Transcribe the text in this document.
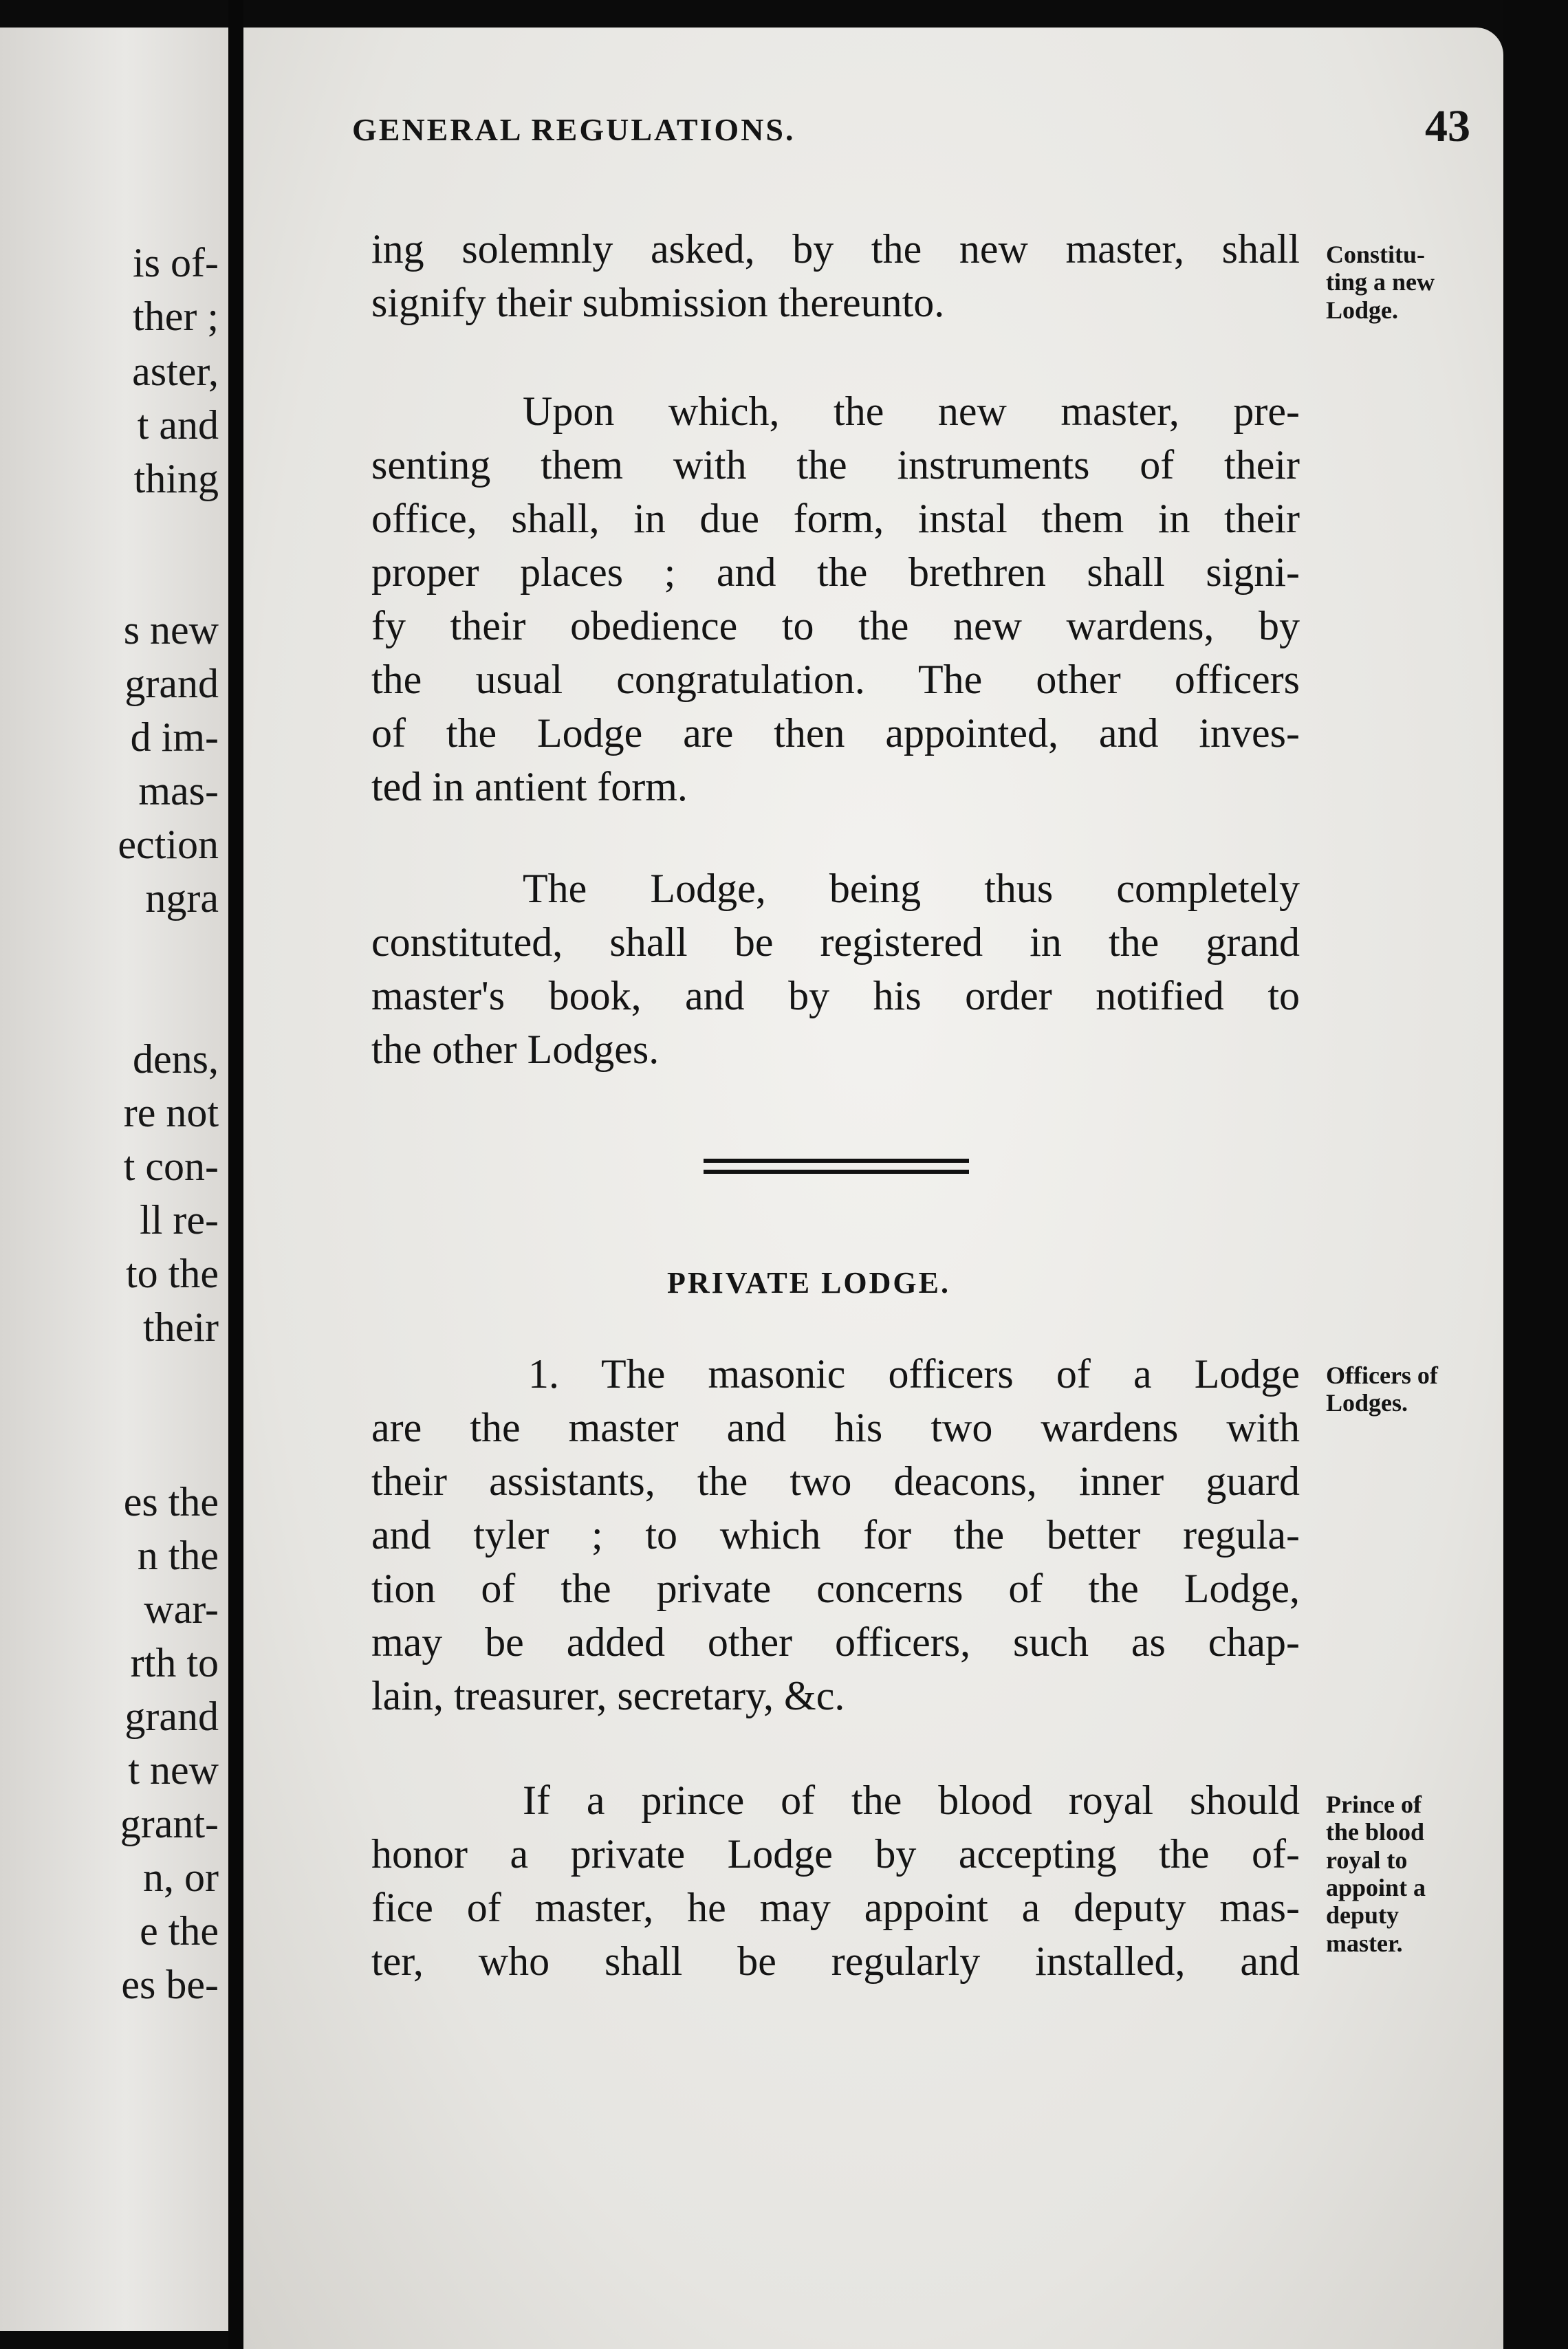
is of-
ther ;
aster,
t and
thing
s new
grand
d im-
mas-
ection
ngra
dens,
re not
t con-
ll re-
to the
their
es the
n the
war-
rth to
grand
t new
grant-
n, or
e the
es be-
GENERAL REGULATIONS.	43
ing solemnly asked, by the new master, shall
signify their submission thereunto.
Upon which, the new master, pre-
senting them with the instruments of their
office, shall, in due form, instal them in their
proper places ; and the brethren shall signi-
fy their obedience to the new wardens, by
the usual congratulation. The other officers
of the Lodge are then appointed, and inves-
ted in antient form.
The Lodge, being thus completely
constituted, shall be registered in the grand
master's book, and by his order notified to
the other Lodges.
PRIVATE LODGE.
1. The masonic officers of a Lodge
are the master and his two wardens with
their assistants, the two deacons, inner guard
and tyler ; to which for the better regula-
tion of the private concerns of the Lodge,
may be added other officers, such as chap-
lain, treasurer, secretary, &c.
If a prince of the blood royal should
honor a private Lodge by accepting the of-
fice of master, he may appoint a deputy mas-
ter, who shall be regularly installed, and
Constitu-
ting a new
Lodge.
Officers of
Lodges.
Prince of
the blood
royal to
appoint a
deputy
master.
